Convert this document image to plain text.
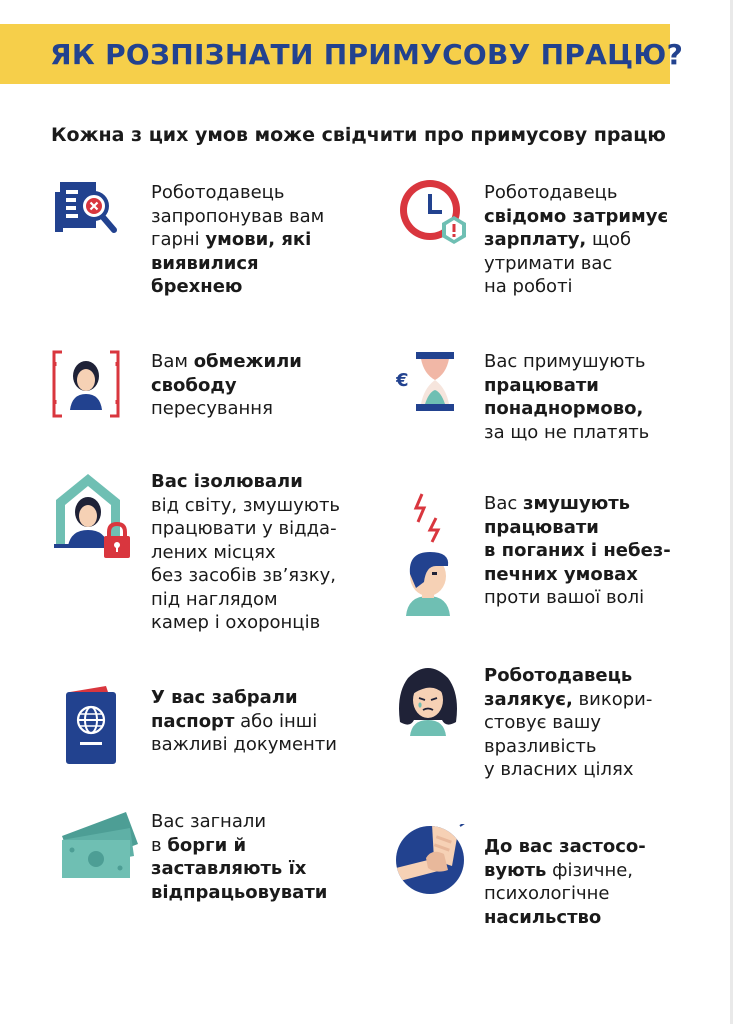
ЯК РОЗПІЗНАТИ ПРИМУСОВУ ПРАЦЮ?
Кожна з цих умов може свідчити про примусову працю
Роботодавець
запропонував вам
гарні умови, які
виявилися
брехнею
Роботодавець
свідомо затримує
зарплату, щоб
утримати вас
на роботі
Вам обмежили
свободу
пересування
€
Вас примушують
працювати
понаднормово,
за що не платять
Вас ізолювали
від світу, змушують
працювати у відда-
лених місцях
без засобів зв’язку,
під наглядом
камер і охоронців
Вас змушують
працювати
в поганих і небез-
печних умовах
проти вашої волі
У вас забрали
паспорт або інші
важливі документи
Роботодавець
залякує, викори-
стовує вашу
вразливість
у власних цілях
Вас загнали
в борги й
заставляють їх
відпрацьовувати
До вас застосо-
вують фізичне,
психологічне
насильство
